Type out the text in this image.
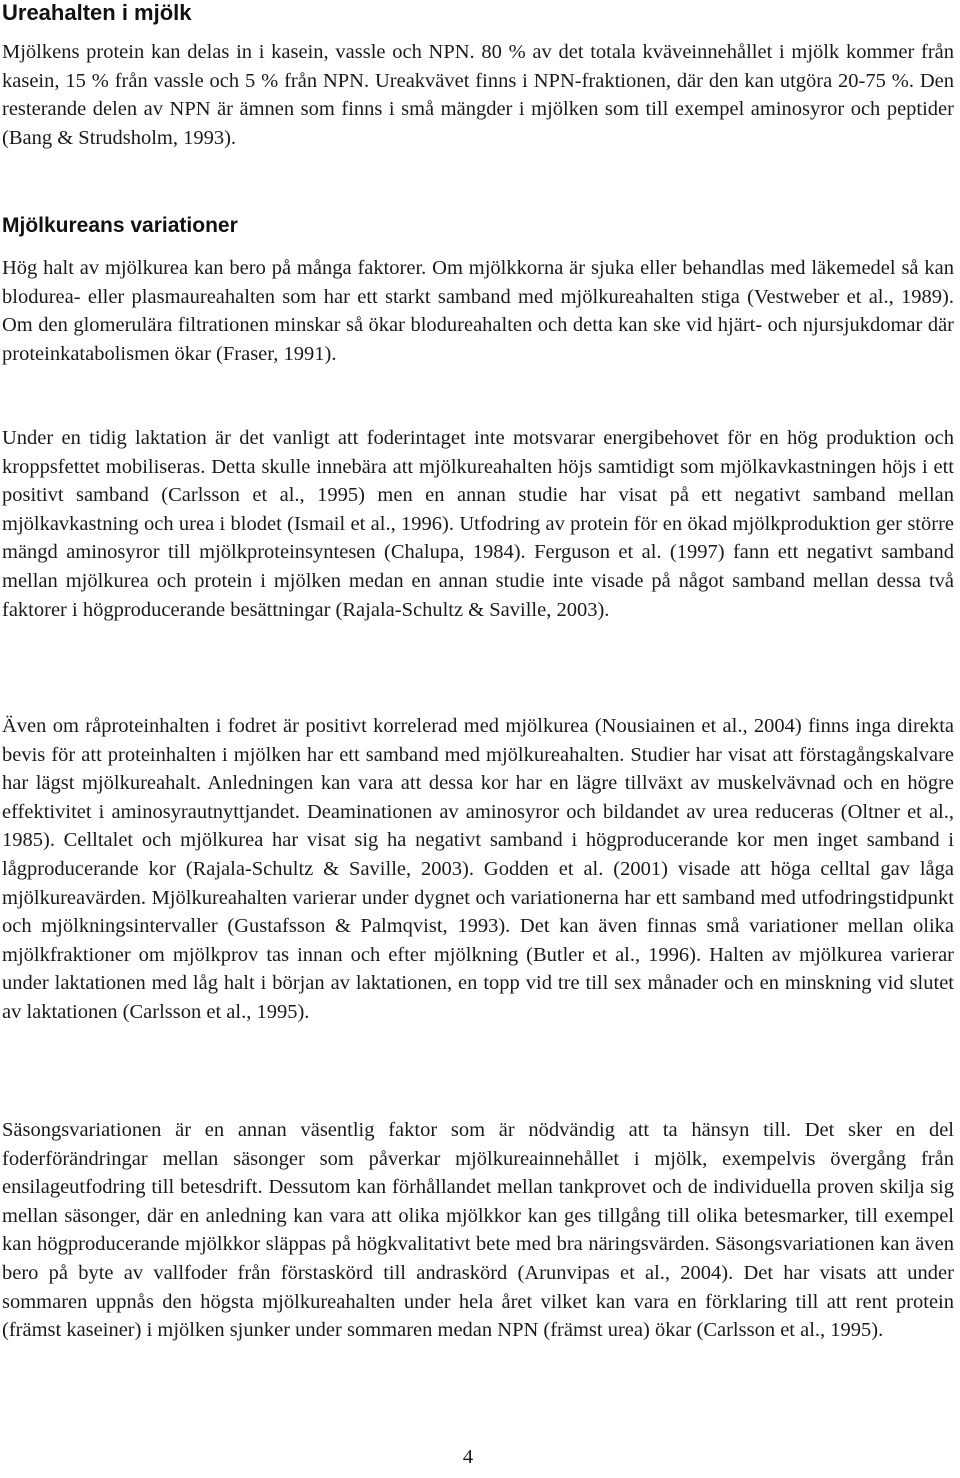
Ureahalten i mjölk

Mjölkens protein kan delas in i kasein, vassle och NPN. 80 % av det totala kväveinnehållet i mjölk kommer från kasein, 15 % från vassle och 5 % från NPN. Ureakvävet finns i NPN-fraktionen, där den kan utgöra 20-75 %. Den resterande delen av NPN är ämnen som finns i små mängder i mjölken som till exempel aminosyror och peptider (Bang & Strudsholm, 1993).

Mjölkureans variationer

Hög halt av mjölkurea kan bero på många faktorer. Om mjölkkorna är sjuka eller behandlas med läkemedel så kan blodurea- eller plasmaureahalten som har ett starkt samband med mjölkureahalten stiga (Vestweber et al., 1989). Om den glomerulära filtrationen minskar så ökar blodureahalten och detta kan ske vid hjärt- och njursjukdomar där proteinkatabolismen ökar (Fraser, 1991).

Under en tidig laktation är det vanligt att foderintaget inte motsvarar energibehovet för en hög produktion och kroppsfettet mobiliseras. Detta skulle innebära att mjölkureahalten höjs samtidigt som mjölkavkastningen höjs i ett positivt samband (Carlsson et al., 1995) men en annan studie har visat på ett negativt samband mellan mjölkavkastning och urea i blodet (Ismail et al., 1996). Utfodring av protein för en ökad mjölkproduktion ger större mängd aminosyror till mjölkproteinsyntesen (Chalupa, 1984). Ferguson et al. (1997) fann ett negativt samband mellan mjölkurea och protein i mjölken medan en annan studie inte visade på något samband mellan dessa två faktorer i högproducerande besättningar (Rajala-Schultz & Saville, 2003).

Även om råproteinhalten i fodret är positivt korrelerad med mjölkurea (Nousiainen et al., 2004) finns inga direkta bevis för att proteinhalten i mjölken har ett samband med mjölkureahalten. Studier har visat att förstagångskalvare har lägst mjölkureahalt. Anledningen kan vara att dessa kor har en lägre tillväxt av muskelvävnad och en högre effektivitet i aminosyrautnyttjandet. Deaminationen av aminosyror och bildandet av urea reduceras (Oltner et al., 1985). Celltalet och mjölkurea har visat sig ha negativt samband i högproducerande kor men inget samband i lågproducerande kor (Rajala-Schultz & Saville, 2003). Godden et al. (2001) visade att höga celltal gav låga mjölkureavärden. Mjölkureahalten varierar under dygnet och variationerna har ett samband med utfodringstidpunkt och mjölkningsintervaller (Gustafsson & Palmqvist, 1993). Det kan även finnas små variationer mellan olika mjölkfraktioner om mjölkprov tas innan och efter mjölkning (Butler et al., 1996). Halten av mjölkurea varierar under laktationen med låg halt i början av laktationen, en topp vid tre till sex månader och en minskning vid slutet av laktationen (Carlsson et al., 1995).

Säsongsvariationen är en annan väsentlig faktor som är nödvändig att ta hänsyn till. Det sker en del foderförändringar mellan säsonger som påverkar mjölkureainnehållet i mjölk, exempelvis övergång från ensilageutfodring till betesdrift. Dessutom kan förhållandet mellan tankprovet och de individuella proven skilja sig mellan säsonger, där en anledning kan vara att olika mjölkkor kan ges tillgång till olika betesmarker, till exempel kan högproducerande mjölkkor släppas på högkvalitativt bete med bra näringsvärden. Säsongsvariationen kan även bero på byte av vallfoder från förstaskörd till andraskörd (Arunvipas et al., 2004). Det har visats att under sommaren uppnås den högsta mjölkureahalten under hela året vilket kan vara en förklaring till att rent protein (främst kaseiner) i mjölken sjunker under sommaren medan NPN (främst urea) ökar (Carlsson et al., 1995).

4
